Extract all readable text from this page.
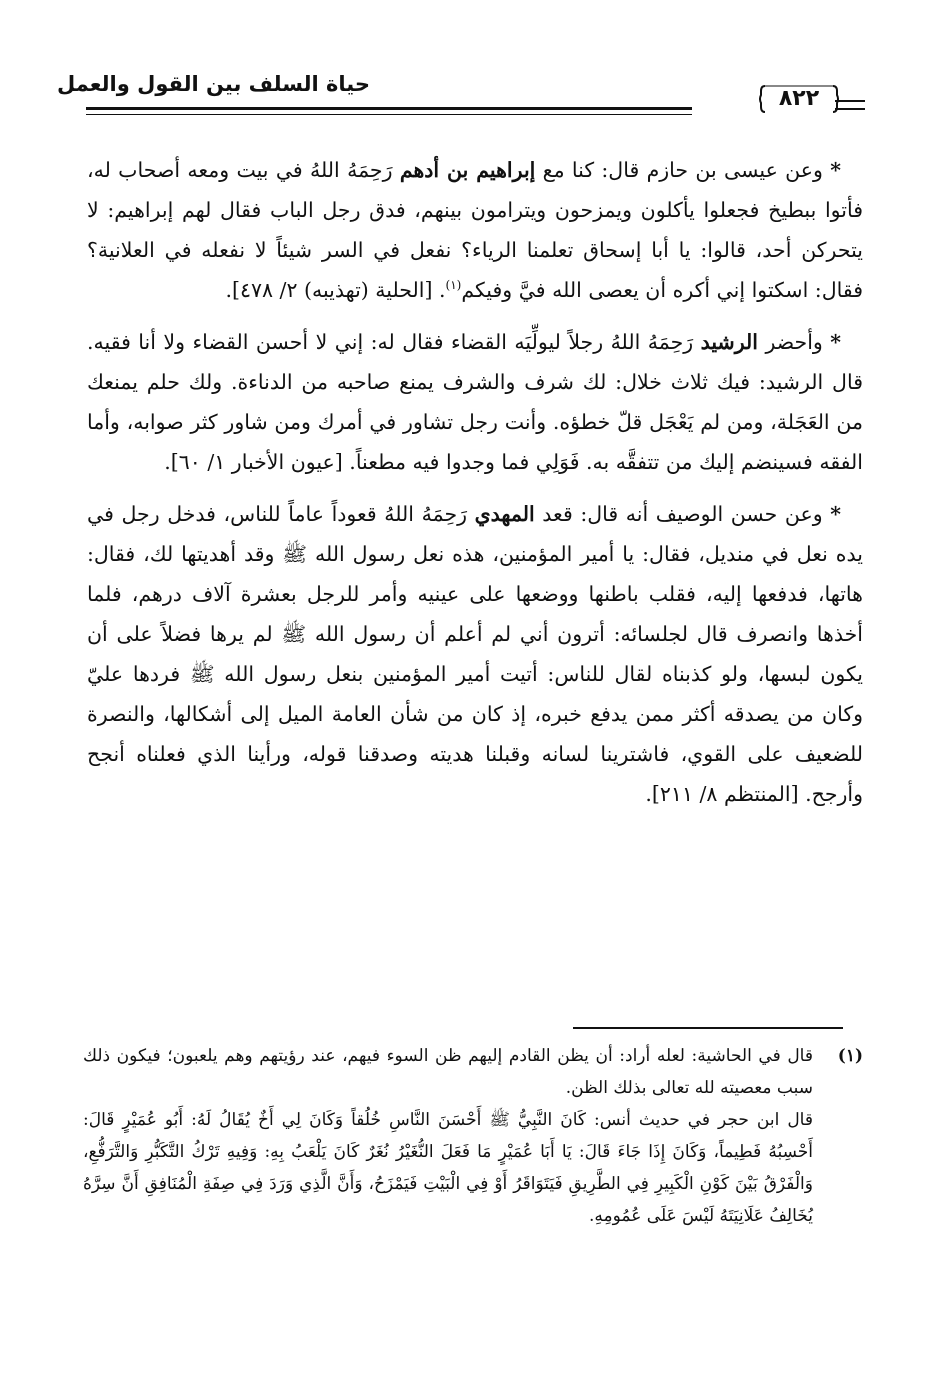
حياة السلف بين القول والعمل
٨٢٢

* وعن عيسى بن حازم قال: كنا مع إبراهيم بن أدهم رَحِمَهُ اللهُ في بيت ومعه أصحاب له، فأتوا ببطيخ فجعلوا يأكلون ويمزحون ويترامون بينهم، فدق رجل الباب فقال لهم إبراهيم: لا يتحركن أحد، قالوا: يا أبا إسحاق تعلمنا الرياء؟ نفعل في السر شيئاً لا نفعله في العلانية؟ فقال: اسكتوا إني أكره أن يعصى الله فيَّ وفيكم$^{(١)}$. [الحلية (تهذيبه) ٢/ ٤٧٨].

* وأحضر الرشيد رَحِمَهُ اللهُ رجلاً ليولِّيَه القضاء فقال له: إني لا أحسن القضاء ولا أنا فقيه. قال الرشيد: فيك ثلاث خلال: لك شرف والشرف يمنع صاحبه من الدناءة. ولك حلم يمنعك من العَجَلة، ومن لم يَعْجَل قلّ خطؤه. وأنت رجل تشاور في أمرك ومن شاور كثر صوابه، وأما الفقه فسينضم إليك من تتفقَّه به. فَوَلِي فما وجدوا فيه مطعناً. [عيون الأخبار ١/ ٦٠].

* وعن حسن الوصيف أنه قال: قعد المهدي رَحِمَهُ اللهُ قعوداً عاماً للناس، فدخل رجل في يده نعل في منديل، فقال: يا أمير المؤمنين، هذه نعل رسول الله ﷺ وقد أهديتها لك، فقال: هاتها، فدفعها إليه، فقلب باطنها ووضعها على عينيه وأمر للرجل بعشرة آلاف درهم، فلما أخذها وانصرف قال لجلسائه: أترون أني لم أعلم أن رسول الله ﷺ لم يرها فضلاً على أن يكون لبسها، ولو كذبناه لقال للناس: أتيت أمير المؤمنين بنعل رسول الله ﷺ فردها عليّ وكان من يصدقه أكثر ممن يدفع خبره، إذ كان من شأن العامة الميل إلى أشكالها، والنصرة للضعيف على القوي، فاشترينا لسانه وقبلنا هديته وصدقنا قوله، ورأينا الذي فعلناه أنجح وأرجح. [المنتظم ٨/ ٢١١].

(١)

قال في الحاشية: لعله أراد: أن يظن القادم إليهم ظن السوء فيهم، عند رؤيتهم وهم يلعبون؛ فيكون ذلك سبب معصيته لله تعالى بذلك الظن.

قال ابن حجر في حديث أنس: كَانَ النَّبِيُّ ﷺ أَحْسَنَ النَّاسِ خُلُقاً وَكَانَ لِي أَخٌ يُقَالُ لَهُ: أَبُو عُمَيْرٍ قَالَ: أَحْسِبُهُ فَطِيماً، وَكَانَ إِذَا جَاءَ قَالَ: يَا أَبَا عُمَيْرٍ مَا فَعَلَ النُّغَيْرُ نُغَرٌ كَانَ يَلْعَبُ بِهِ: وَفِيهِ تَرْكُ التَّكَبُّرِ وَالتَّرَفُّعِ، وَالْفَرْقُ بَيْنَ كَوْنِ الْكَبِيرِ فِي الطَّرِيقِ فَيَتَوَاقَرُ أَوْ فِي الْبَيْتِ فَيَمْزَحُ، وَأَنَّ الَّذِي وَرَدَ فِي صِفَةِ الْمُنَافِقِ أَنَّ سِرَّهُ يُخَالِفُ عَلَانِيَتَهُ لَيْسَ عَلَى عُمُومِهِ.
